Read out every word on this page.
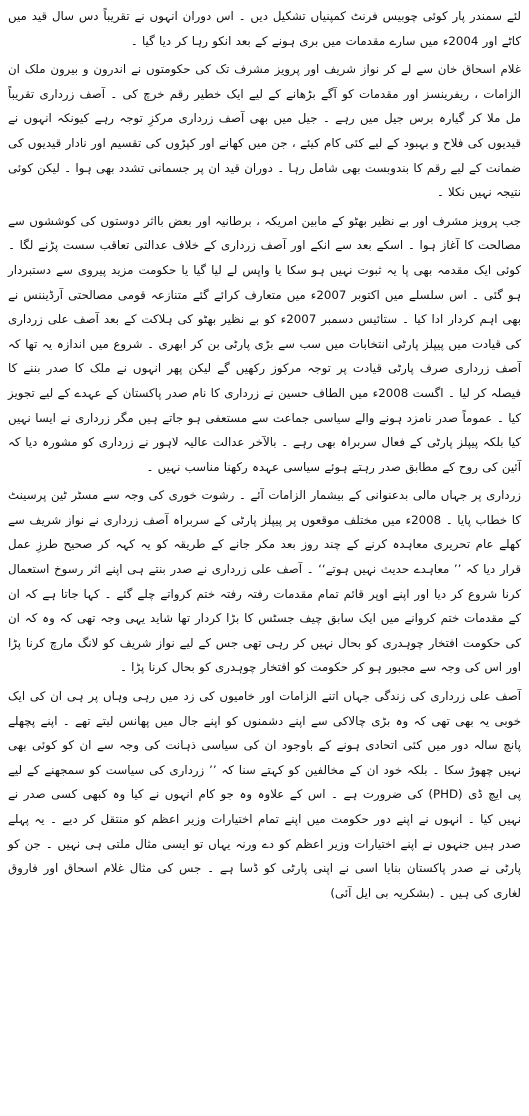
لئے سمندر پار کوئی چوبیس فرنٹ کمپنیاں تشکیل دیں ۔ اس دوران انہوں نے تقریباً دس سال قید میں کاٹے اور 2004ء میں سارے مقدمات میں بری ہونے کے بعد انکو رہا کر دیا گیا ۔

غلام اسحاق خان سے لے کر نواز شریف اور پرویز مشرف تک کی حکومتوں نے اندرون و بیرون ملک ان الزامات ، ریفرینسز اور مقدمات کو آگے بڑھانے کے لیے ایک خطیر رقم خرچ کی ۔ آصف زرداری تقریباً مل ملا کر گیارہ برس جیل میں رہے ۔ جیل میں بھی آصف زرداری مرکزِ توجہ رہے کیونکہ انہوں نے قیدیوں کی فلاح و بہبود کے لیے کئی کام کیئے ، جن میں کھانے اور کپڑوں کی تقسیم اور نادار قیدیوں کی ضمانت کے لیے رقم کا بندوبست بھی شامل رہا ۔ دوران قید ان پر جسمانی تشدد بھی ہوا ۔ لیکن کوئی نتیجہ نہیں نکلا ۔

جب پرویز مشرف اور بے نظیر بھٹو کے مابین امریکہ ، برطانیہ اور بعض بااثر دوستوں کی کوششوں سے مصالحت کا آغاز ہوا ۔ اسکے بعد سے انکے اور آصف زرداری کے خلاف عدالتی تعاقب سست پڑنے لگا ۔ کوئی ایک مقدمہ بھی پا یہ ثبوت نہیں ہو سکا یا واپس لے لیا گیا یا حکومت مزید پیروی سے دستبردار ہو گئی ۔ اس سلسلے میں اکتوبر 2007ء میں متعارف کرائے گئے متنازعہ قومی مصالحتی آرڈیننس نے بھی اہم کردار ادا کیا ۔ ستائیس دسمبر 2007ء کو بے نظیر بھٹو کی ہلاکت کے بعد آصف علی زرداری کی قیادت میں پیپلز پارٹی انتخابات میں سب سے بڑی پارٹی بن کر ابھری ۔ شروع میں اندازہ یہ تھا کہ آصف زرداری صرف پارٹی قیادت پر توجہ مرکوز رکھیں گے لیکن پھر انہوں نے ملک کا صدر بننے کا فیصلہ کر لیا ۔ اگست 2008ء میں الطاف حسین نے زرداری کا نام صدر پاکستان کے عہدے کے لیے تجویز کیا ۔ عموماً صدر نامزد ہونے والے سیاسی جماعت سے مستعفی ہو جاتے ہیں مگر زرداری نے ایسا نہیں کیا بلکہ پیپلز پارٹی کے فعال سربراہ بھی رہے ۔ بالآخر عدالت عالیہ لاہور نے زرداری کو مشورہ دیا کہ آئین کی روح کے مطابق صدر رہتے ہوئے سیاسی عہدہ رکھنا مناسب نہیں ۔

زرداری پر جہاں مالی بدعنوانی کے بیشمار الزامات آئے ۔ رشوت خوری کی وجہ سے مسٹر ٹین پرسینٹ کا خطاب پایا ۔ 2008ء میں مختلف موقعوں پر پیپلز پارٹی کے سربراہ آصف زرداری نے نواز شریف سے کھلے عام تحریری معاہدہ کرنے کے چند روز بعد مکر جانے کے طریقہ کو یہ کہہ کر صحیح طرزِ عمل قرار دیا کہ ’’ معاہدے حدیث نہیں ہوتے‘‘ ۔ آصف علی زرداری نے صدر بنتے ہی اپنے اثر رسوخ استعمال کرنا شروع کر دیا اور اپنے اوپر قائم تمام مقدمات رفتہ رفتہ ختم کرواتے چلے گئے ۔ کہا جاتا ہے کہ ان کے مقدمات ختم کروانے میں ایک سابق چیف جسٹس کا بڑا کردار تھا شاید یہی وجہ تھی کہ وہ کہ ان کی حکومت افتخار چوہدری کو بحال نہیں کر رہی تھی جس کے لیے نواز شریف کو لانگ مارچ کرنا پڑا اور اس کی وجہ سے مجبور ہو کر حکومت کو افتخار چوہدری کو بحال کرنا پڑا ۔

آصف علی زرداری کی زندگی جہاں اتنے الزامات اور خامیوں کی زد میں رہی وہاں پر ہی ان کی ایک خوبی یہ بھی تھی کہ وہ بڑی چالاکی سے اپنے دشمنوں کو اپنے جال میں پھانس لیتے تھے ۔ اپنے پچھلے پانچ سالہ دور میں کئی اتحادی ہونے کے باوجود ان کی سیاسی ذہانت کی وجہ سے ان کو کوئی بھی نہیں چھوڑ سکا ۔ بلکہ خود ان کے مخالفین کو کہتے سنا کہ ’’ زرداری کی سیاست کو سمجھنے کے لیے پی ایچ ڈی (PHD) کی ضرورت ہے ۔ اس کے علاوہ وہ جو کام انہوں نے کیا وہ کبھی کسی صدر نے نہیں کیا ۔ انہوں نے اپنے دور حکومت میں اپنے تمام اختیارات وزیر اعظم کو منتقل کر دیے ۔ یہ پہلے صدر ہیں جنہوں نے اپنے اختیارات وزیر اعظم کو دے ورنہ یہاں تو ایسی مثال ملتی ہی نہیں ۔ جن کو پارٹی نے صدر پاکستان بنایا اسی نے اپنی پارٹی کو ڈسا ہے ۔ جس کی مثال غلام اسحاق اور فاروق لغاری کی ہیں ۔ (بشکریہ بی ایل آئی)
